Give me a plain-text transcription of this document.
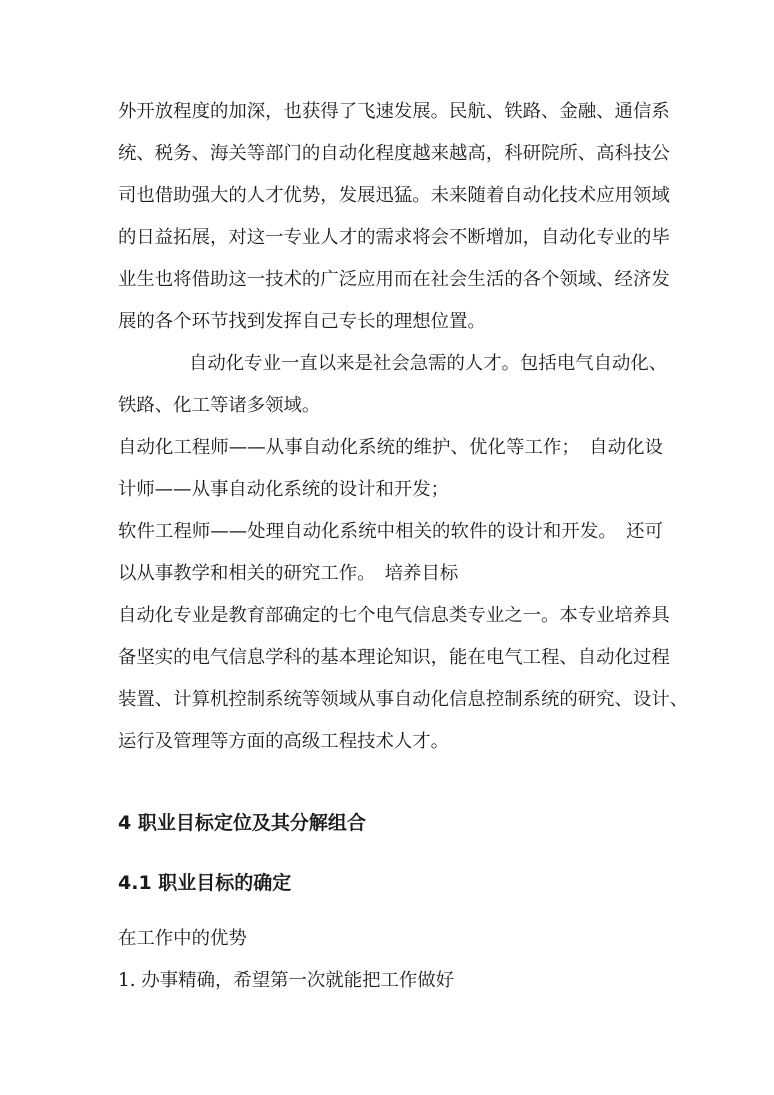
外开放程度的加深，也获得了飞速发展。民航、铁路、金融、通信系
统、税务、海关等部门的自动化程度越来越高，科研院所、高科技公
司也借助强大的人才优势，发展迅猛。未来随着自动化技术应用领域
的日益拓展，对这一专业人才的需求将会不断增加，自动化专业的毕
业生也将借助这一技术的广泛应用而在社会生活的各个领域、经济发
展的各个环节找到发挥自己专长的理想位置。
自动化专业一直以来是社会急需的人才。包括电气自动化、
铁路、化工等诸多领域。
自动化工程师——从事自动化系统的维护、优化等工作；　自动化设
计师——从事自动化系统的设计和开发；
软件工程师——处理自动化系统中相关的软件的设计和开发。　还可
以从事教学和相关的研究工作。　培养目标
自动化专业是教育部确定的七个电气信息类专业之一。本专业培养具
备坚实的电气信息学科的基本理论知识，能在电气工程、自动化过程
装置、计算机控制系统等领域从事自动化信息控制系统的研究、设计、
运行及管理等方面的高级工程技术人才。
4 职业目标定位及其分解组合
4.1 职业目标的确定
在工作中的优势
1. 办事精确，希望第一次就能把工作做好
